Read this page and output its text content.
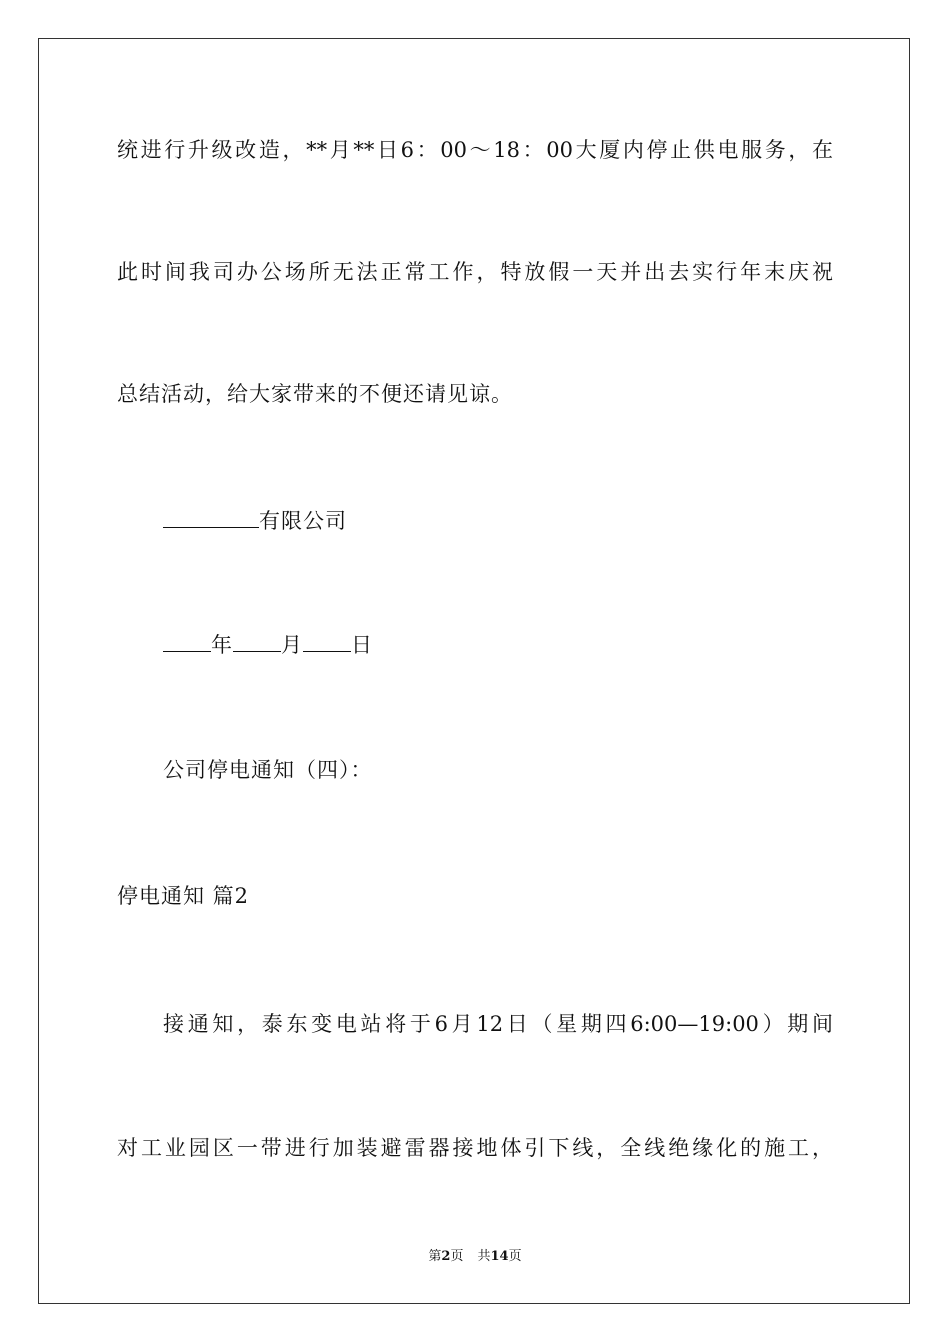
统进行升级改造，**月**日6：00～18：00大厦内停止供电服务，在
此时间我司办公场所无法正常工作，特放假一天并出去实行年末庆祝
总结活动，给大家带来的不便还请见谅。
有限公司
年 月 日
公司停电通知（四）：
停电通知 篇2
接通知，泰东变电站将于6月12日（星期四6:00—19:00）期间
对工业园区一带进行加装避雷器接地体引下线，全线绝缘化的施工，
第2页 共14页
